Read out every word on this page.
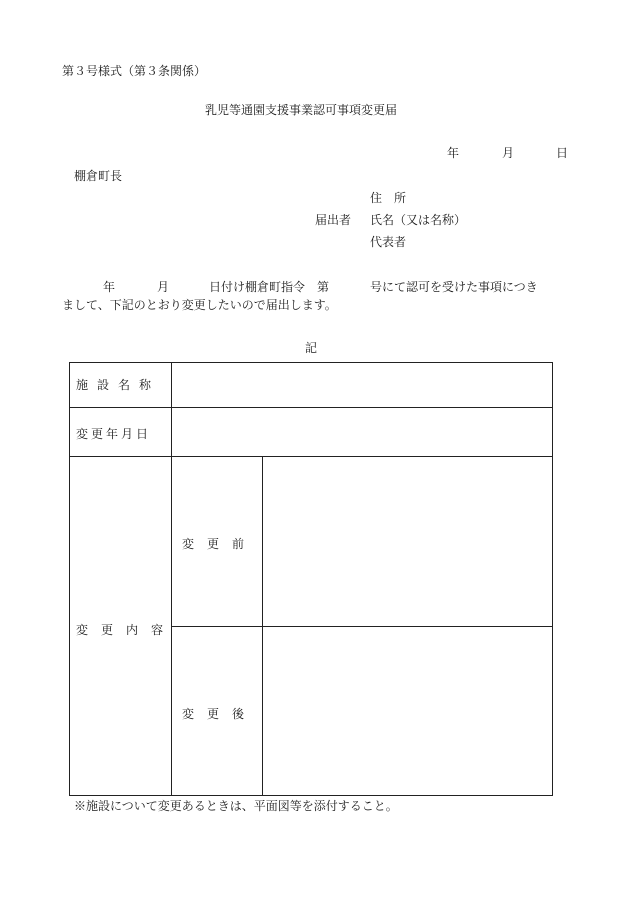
第３号様式（第３条関係）
乳児等通園支援事業認可事項変更届
年	月	日
棚倉町長
住　所
届出者 氏名（又は名称）
代表者
年	月	日付け棚倉町指令　第	号にて認可を受けた事項につき
まして、下記のとおり変更したいので届出します。
記
施設名称
変更年月日
変更内容
変更前
変更後
※施設について変更あるときは、平面図等を添付すること。
